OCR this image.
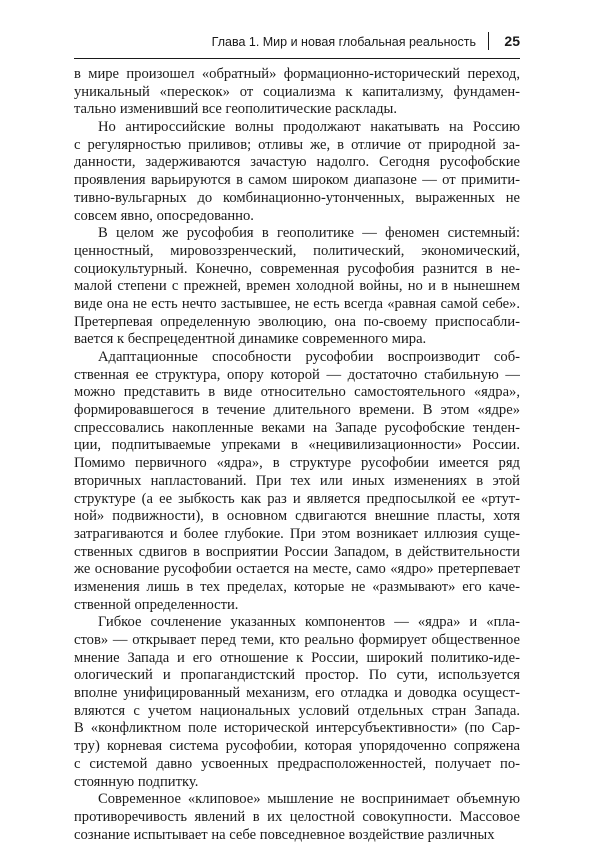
Глава 1. Мир и новая глобальная реальность 25
в мире произошел «обратный» формационно-исторический переход,
уникальный «перескок» от социализма к капитализму, фундамен-
тально изменивший все геополитические расклады.
Но антироссийские волны продолжают накатывать на Россию
с регулярностью приливов; отливы же, в отличие от природной за-
данности, задерживаются зачастую надолго. Сегодня русофобские
проявления варьируются в самом широком диапазоне — от примити-
тивно-вульгарных до комбинационно-утонченных, выраженных не
совсем явно, опосредованно.
В целом же русофобия в геополитике — феномен системный:
ценностный, мировоззренческий, политический, экономический,
социокультурный. Конечно, современная русофобия разнится в не-
малой степени с прежней, времен холодной войны, но и в нынешнем
виде она не есть нечто застывшее, не есть всегда «равная самой себе».
Претерпевая определенную эволюцию, она по-своему приспосабли-
вается к беспрецедентной динамике современного мира.
Адаптационные способности русофобии воспроизводит соб-
ственная ее структура, опору которой — достаточно стабильную —
можно представить в виде относительно самостоятельного «ядра»,
формировавшегося в течение длительного времени. В этом «ядре»
спрессовались накопленные веками на Западе русофобские тенден-
ции, подпитываемые упреками в «нецивилизационности» России.
Помимо первичного «ядра», в структуре русофобии имеется ряд
вторичных напластований. При тех или иных изменениях в этой
структуре (а ее зыбкость как раз и является предпосылкой ее «ртут-
ной» подвижности), в основном сдвигаются внешние пласты, хотя
затрагиваются и более глубокие. При этом возникает иллюзия суще-
ственных сдвигов в восприятии России Западом, в действительности
же основание русофобии остается на месте, само «ядро» претерпевает
изменения лишь в тех пределах, которые не «размывают» его каче-
ственной определенности.
Гибкое сочленение указанных компонентов — «ядра» и «пла-
стов» — открывает перед теми, кто реально формирует общественное
мнение Запада и его отношение к России, широкий политико-иде-
ологический и пропагандистский простор. По сути, используется
вполне унифицированный механизм, его отладка и доводка осущест-
вляются с учетом национальных условий отдельных стран Запада.
В «конфликтном поле исторической интерсубъективности» (по Сар-
тру) корневая система русофобии, которая упорядоченно сопряжена
с системой давно усвоенных предрасположенностей, получает по-
стоянную подпитку.
Современное «клиповое» мышление не воспринимает объемную
противоречивость явлений в их целостной совокупности. Массовое
сознание испытывает на себе повседневное воздействие различных
